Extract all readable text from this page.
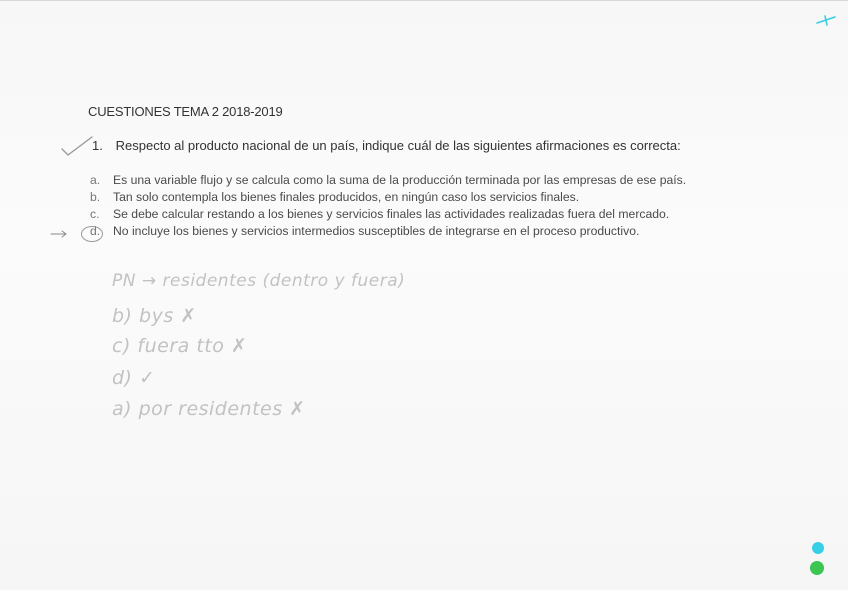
CUESTIONES TEMA 2 2018-2019
1. Respecto al producto nacional de un país, indique cuál de las siguientes afirmaciones es correcta:
a. Es una variable flujo y se calcula como la suma de la producción terminada por las empresas de ese país.
b. Tan solo contempla los bienes finales producidos, en ningún caso los servicios finales.
c. Se debe calcular restando a los bienes y servicios finales las actividades realizadas fuera del mercado.
d. No incluye los bienes y servicios intermedios susceptibles de integrarse en el proceso productivo.
PN → residentes (dentro y fuera)
b) bys ✗
c) fuera tto ✗
d) ✓
a) por residentes ✗
